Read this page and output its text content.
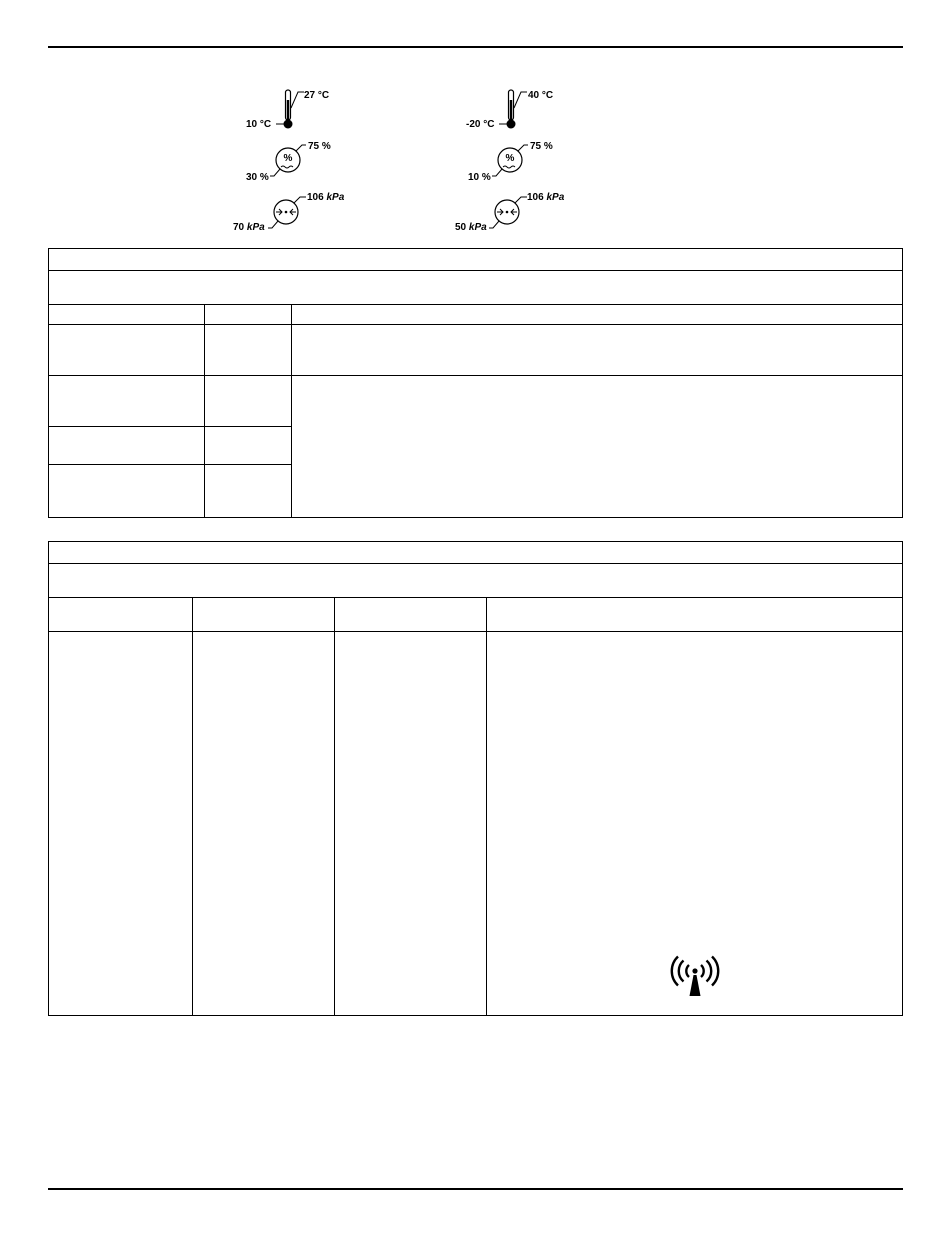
27 °C
10 °C
%
75 %
30 %
106 kPa
70 kPa
40 °C
-20 °C
%
75 %
10 %
106 kPa
50 kPa
